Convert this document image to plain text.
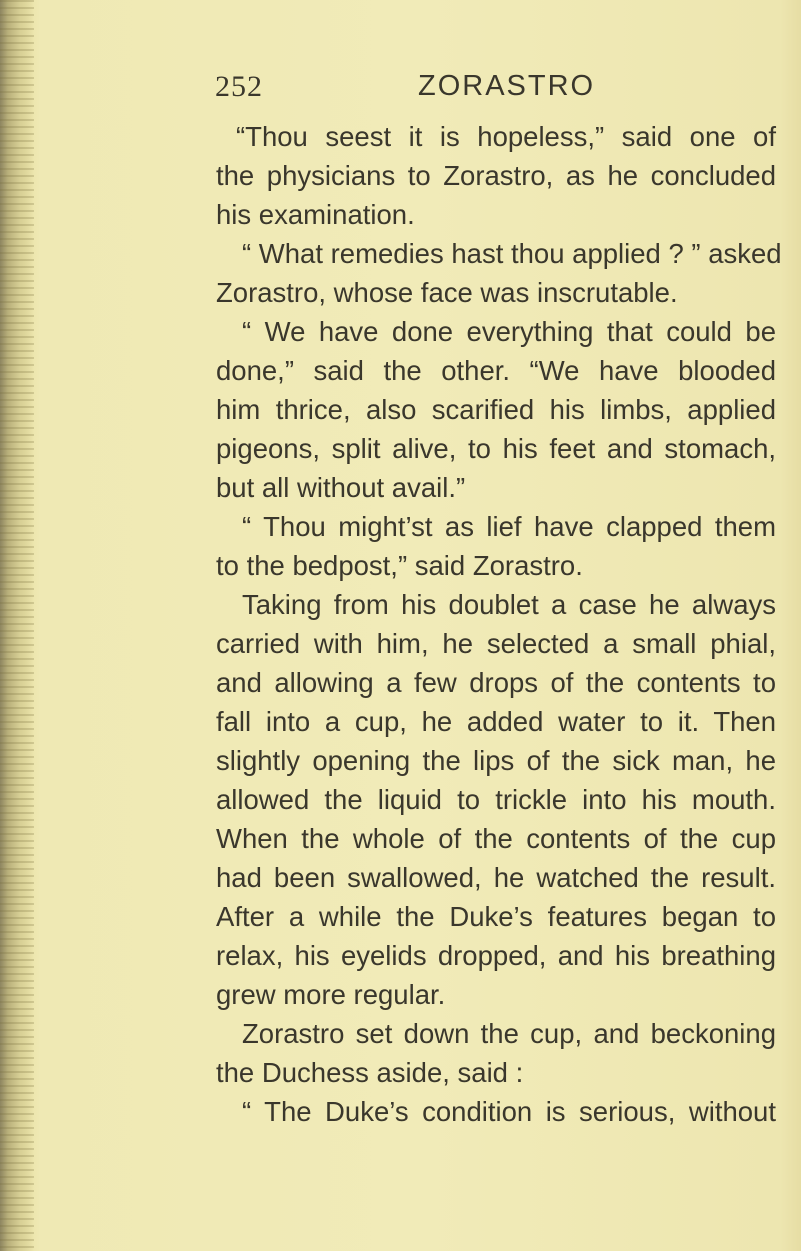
252	ZORASTRO
“Thou seest it is hopeless,” said one of
the physicians to Zorastro, as he concluded
his examination.
“ What remedies hast thou applied ? ” asked
Zorastro, whose face was inscrutable.
“ We have done everything that could be
done,” said the other. “We have blooded
him thrice, also scarified his limbs, applied
pigeons, split alive, to his feet and stomach,
but all without avail.”
“ Thou might’st as lief have clapped them
to the bedpost,” said Zorastro.
Taking from his doublet a case he always
carried with him, he selected a small phial,
and allowing a few drops of the contents to
fall into a cup, he added water to it. Then
slightly opening the lips of the sick man, he
allowed the liquid to trickle into his mouth.
When the whole of the contents of the cup
had been swallowed, he watched the result.
After a while the Duke’s features began to
relax, his eyelids dropped, and his breathing
grew more regular.
Zorastro set down the cup, and beckoning
the Duchess aside, said :
“ The Duke’s condition is serious, without
